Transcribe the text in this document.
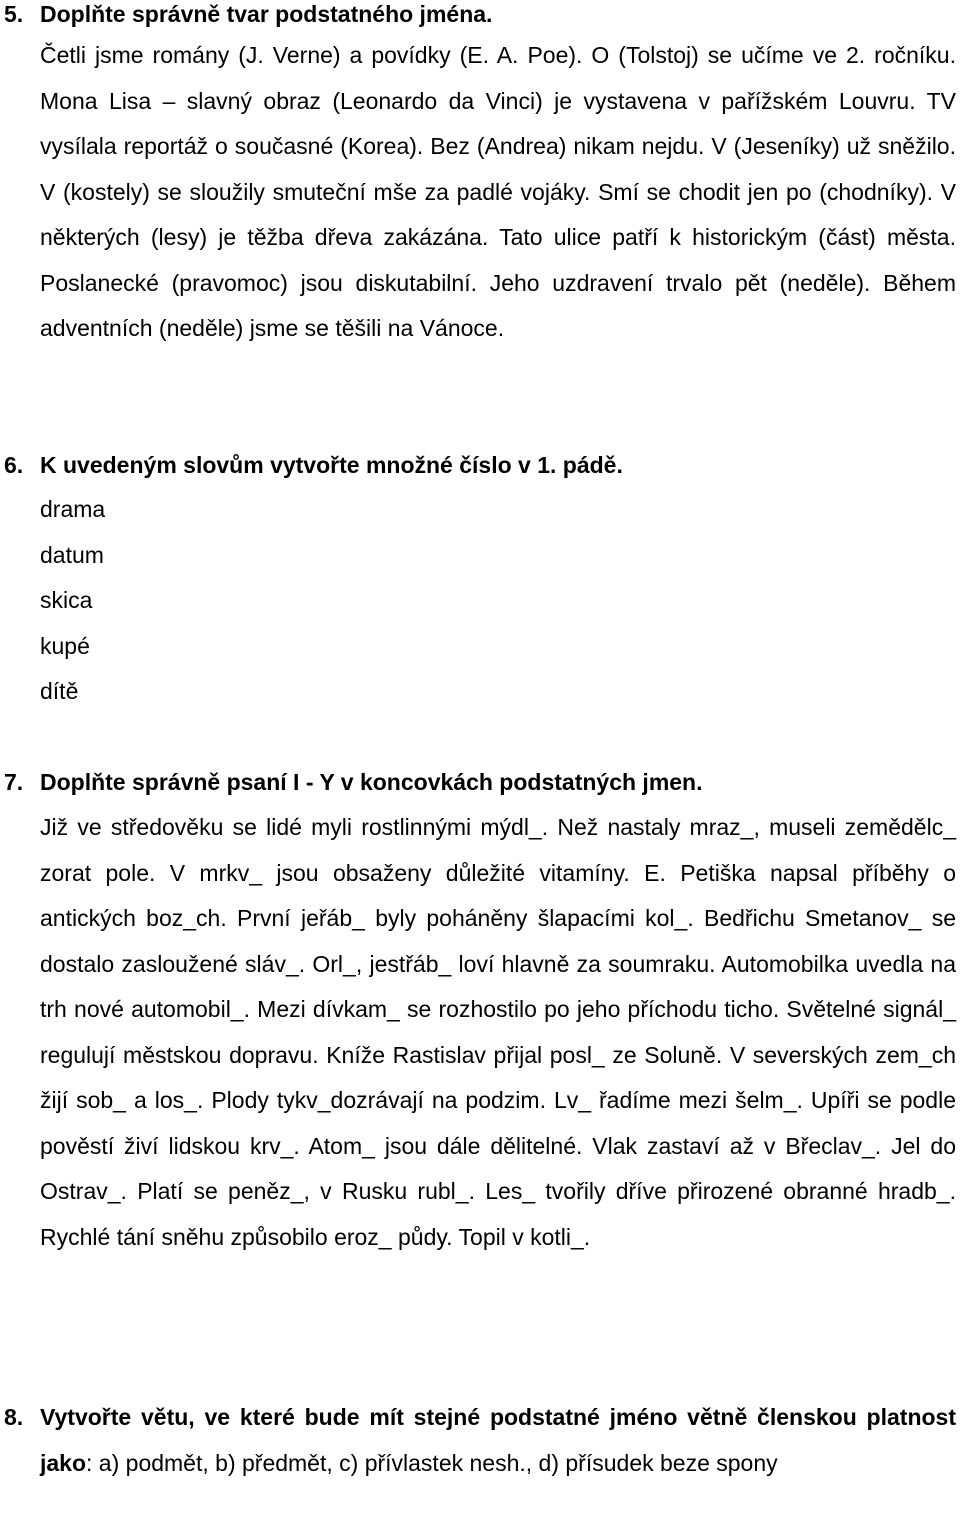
5. Doplňte správně tvar podstatného jména.

Četli jsme romány (J. Verne) a povídky (E. A. Poe). O (Tolstoj) se učíme ve 2. ročníku. Mona Lisa – slavný obraz (Leonardo da Vinci) je vystavena v pařížském Louvru. TV vysílala reportáž o současné (Korea). Bez (Andrea) nikam nejdu. V (Jeseníky) už sněžilo. V (kostely) se sloužily smuteční mše za padlé vojáky. Smí se chodit jen po (chodníky). V některých (lesy) je těžba dřeva zakázána. Tato ulice patří k historickým (část) města. Poslanecké (pravomoc) jsou diskutabilní. Jeho uzdravení trvalo pět (neděle). Během adventních (neděle) jsme se těšili na Vánoce.

6. K uvedeným slovům vytvořte množné číslo v 1. pádě.
drama
datum
skica
kupé
dítě
7. Doplňte správně psaní I - Y v koncovkách podstatných jmen.

Již ve středověku se lidé myli rostlinnými mýdl_. Než nastaly mraz_, museli zemědělc_ zorat pole. V mrkv_ jsou obsaženy důležité vitamíny. E. Petiška napsal příběhy o antických boz_ch. První jeřáb_ byly poháněny šlapacími kol_. Bedřichu Smetanov_ se dostalo zasloužené sláv_. Orl_, jestřáb_ loví hlavně za soumraku. Automobilka uvedla na trh nové automobil_. Mezi dívkam_ se rozhostilo po jeho příchodu ticho. Světelné signál_ regulují městskou dopravu. Kníže Rastislav přijal posl_ ze Soluně. V severských zem_ch žijí sob_ a los_. Plody tykv_dozrávají na podzim. Lv_ řadíme mezi šelm_. Upíři se podle pověstí živí lidskou krv_. Atom_ jsou dále dělitelné. Vlak zastaví až v Břeclav_. Jel do Ostrav_. Platí se peněz_, v Rusku rubl_. Les_ tvořily dříve přirozené obranné hradb_. Rychlé tání sněhu způsobilo eroz_ půdy. Topil v kotli_.

8. Vytvořte větu, ve které bude mít stejné podstatné jméno větně členskou platnost jako: a) podmět, b) předmět, c) přívlastek nesh., d) přísudek beze spony
